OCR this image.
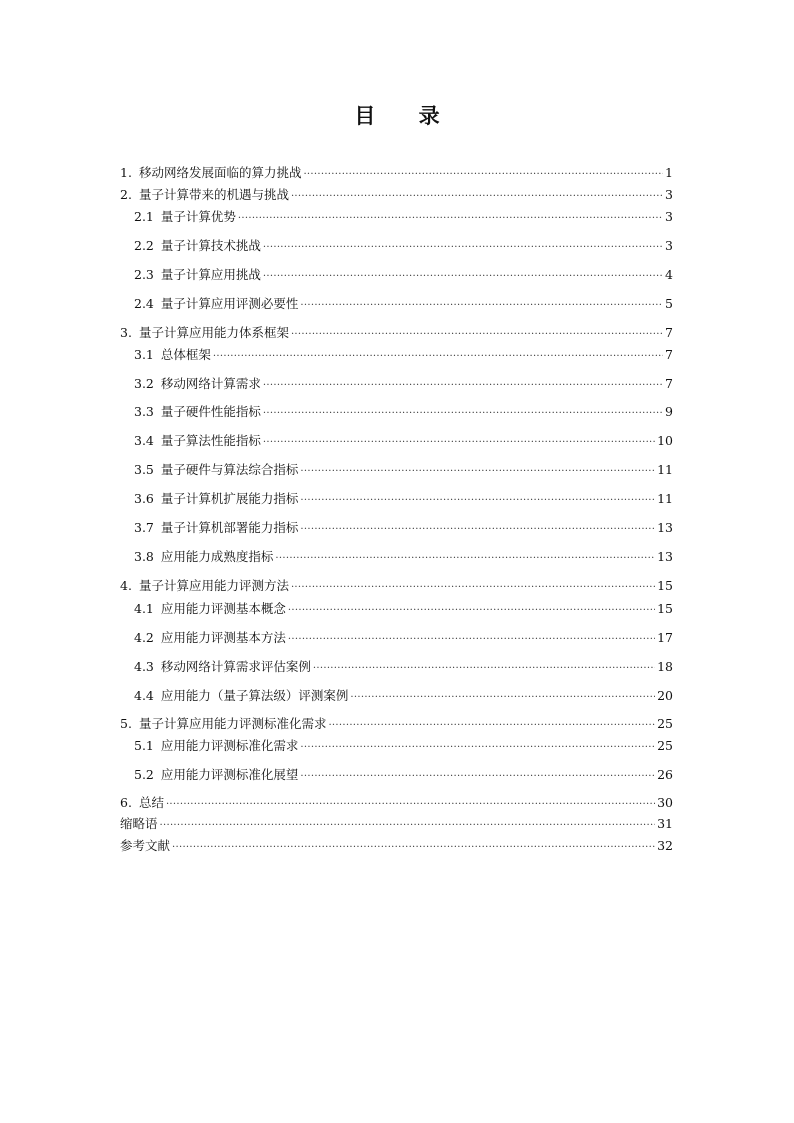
目 录
1. 移动网络发展面临的算力挑战 .....	1
2. 量子计算带来的机遇与挑战 .....	3
2.1 量子计算优势 .....	3
2.2 量子计算技术挑战 .....	3
2.3 量子计算应用挑战 .....	4
2.4 量子计算应用评测必要性 .....	5
3. 量子计算应用能力体系框架 .....	7
3.1 总体框架 .....	7
3.2 移动网络计算需求 .....	7
3.3 量子硬件性能指标 .....	9
3.4 量子算法性能指标 .....	10
3.5 量子硬件与算法综合指标 .....	11
3.6 量子计算机扩展能力指标 .....	11
3.7 量子计算机部署能力指标 .....	13
3.8 应用能力成熟度指标 .....	13
4. 量子计算应用能力评测方法 .....	15
4.1 应用能力评测基本概念 .....	15
4.2 应用能力评测基本方法 .....	17
4.3 移动网络计算需求评估案例 .....	18
4.4 应用能力（量子算法级）评测案例 .....	20
5. 量子计算应用能力评测标准化需求 .....	25
5.1 应用能力评测标准化需求 .....	25
5.2 应用能力评测标准化展望 .....	26
6. 总结 .....	30
缩略语 .....	31
参考文献 .....	32
